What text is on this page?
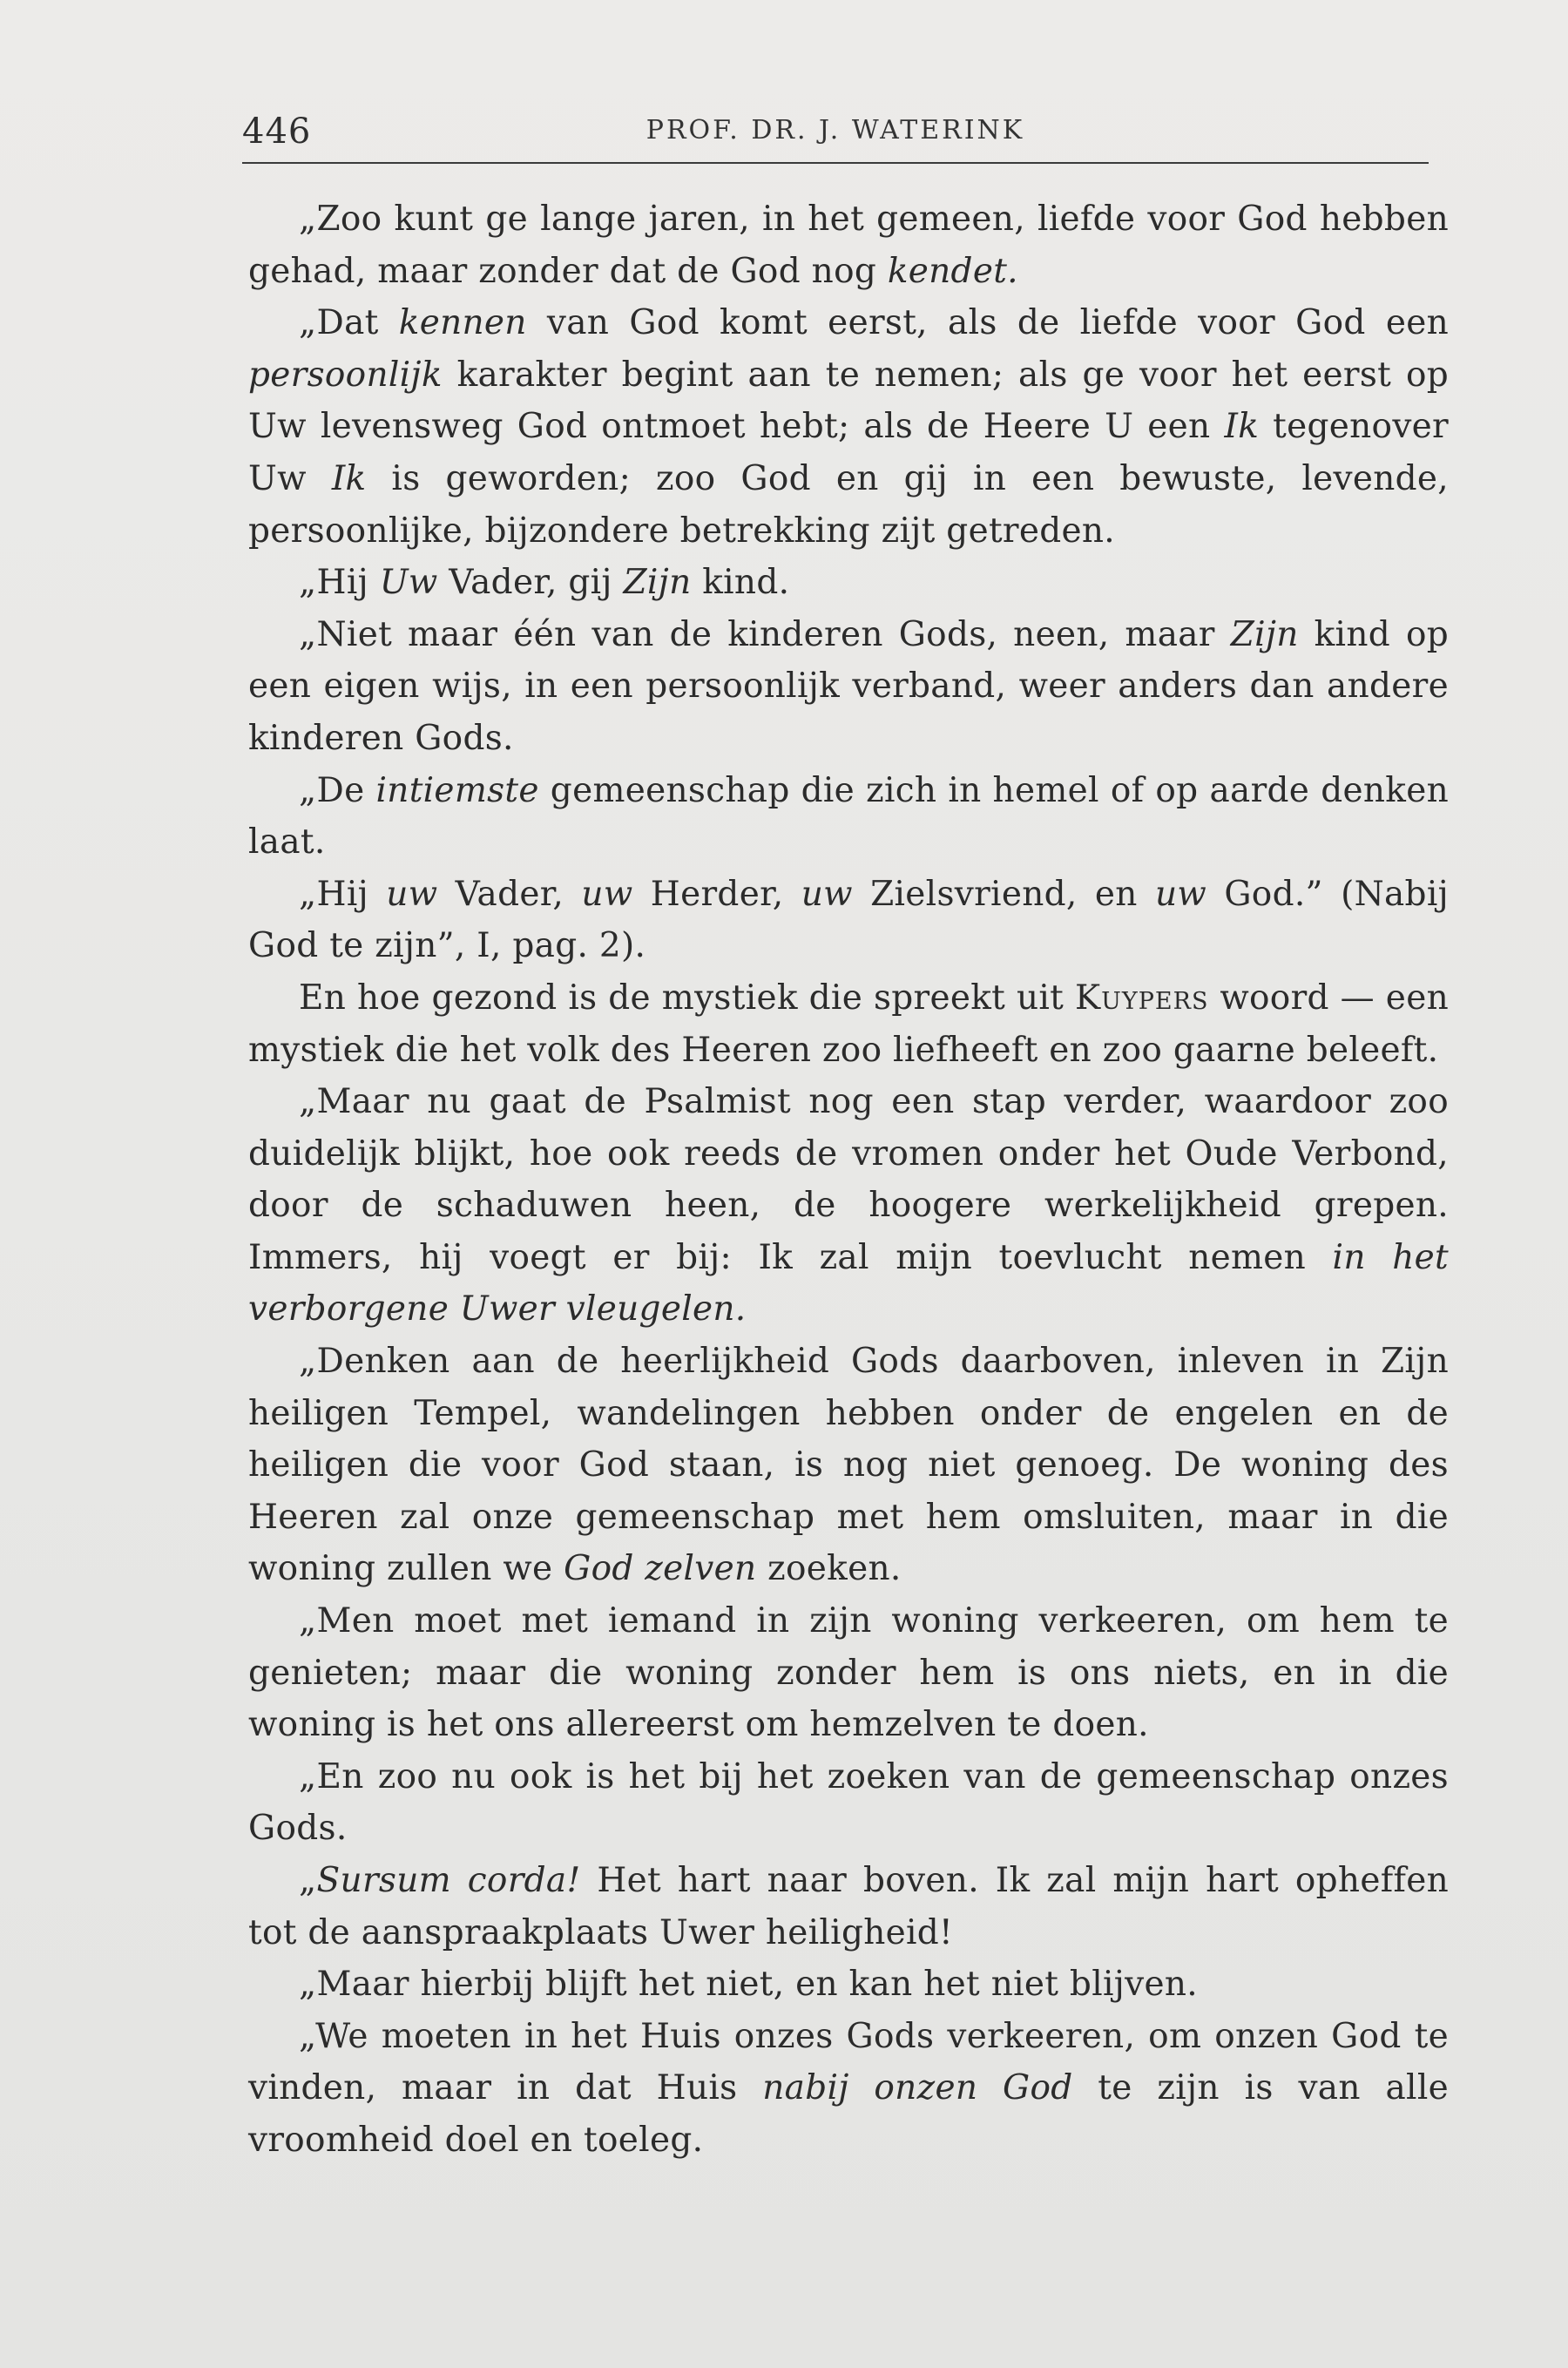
446	PROF. DR. J. WATERINK

„Zoo kunt ge lange jaren, in het gemeen, liefde voor God hebben gehad, maar zonder dat de God nog kendet.

„Dat kennen van God komt eerst, als de liefde voor God een persoonlijk karakter begint aan te nemen; als ge voor het eerst op Uw levensweg God ontmoet hebt; als de Heere U een Ik tegenover Uw Ik is geworden; zoo God en gij in een bewuste, levende, persoonlijke, bijzondere betrekking zijt getreden.

„Hij Uw Vader, gij Zijn kind.

„Niet maar één van de kinderen Gods, neen, maar Zijn kind op een eigen wijs, in een persoonlijk verband, weer anders dan andere kinderen Gods.

„De intiemste gemeenschap die zich in hemel of op aarde denken laat.

„Hij uw Vader, uw Herder, uw Zielsvriend, en uw God.” (Nabij God te zijn”, I, pag. 2).

En hoe gezond is de mystiek die spreekt uit Kuypers woord — een mystiek die het volk des Heeren zoo liefheeft en zoo gaarne beleeft.

„Maar nu gaat de Psalmist nog een stap verder, waardoor zoo duidelijk blijkt, hoe ook reeds de vromen onder het Oude Verbond, door de schaduwen heen, de hoogere werkelijkheid grepen. Immers, hij voegt er bij: Ik zal mijn toevlucht nemen in het verborgene Uwer vleugelen.

„Denken aan de heerlijkheid Gods daarboven, inleven in Zijn heiligen Tempel, wandelingen hebben onder de engelen en de heiligen die voor God staan, is nog niet genoeg. De woning des Heeren zal onze gemeenschap met hem omsluiten, maar in die woning zullen we God zelven zoeken.

„Men moet met iemand in zijn woning verkeeren, om hem te genieten; maar die woning zonder hem is ons niets, en in die woning is het ons allereerst om hemzelven te doen.

„En zoo nu ook is het bij het zoeken van de gemeenschap onzes Gods.

„Sursum corda! Het hart naar boven. Ik zal mijn hart opheffen tot de aanspraakplaats Uwer heiligheid!

„Maar hierbij blijft het niet, en kan het niet blijven.

„We moeten in het Huis onzes Gods verkeeren, om onzen God te vinden, maar in dat Huis nabij onzen God te zijn is van alle vroomheid doel en toeleg.
